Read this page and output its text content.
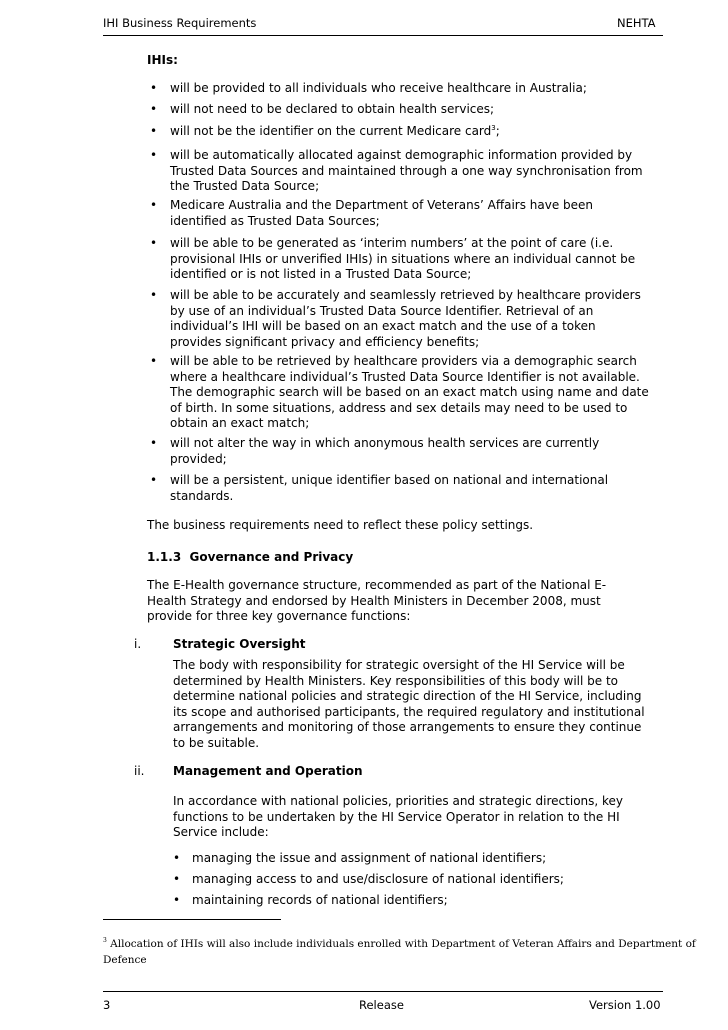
IHI Business Requirements	NEHTA
IHIs:
• will be provided to all individuals who receive healthcare in Australia;
• will not need to be declared to obtain health services;
• will not be the identifier on the current Medicare card$^3$;
• will be automatically allocated against demographic information provided by
Trusted Data Sources and maintained through a one way synchronisation from
the Trusted Data Source;
• Medicare Australia and the Department of Veterans’ Affairs have been
identified as Trusted Data Sources;
• will be able to be generated as ‘interim numbers’ at the point of care (i.e.
provisional IHIs or unverified IHIs) in situations where an individual cannot be
identified or is not listed in a Trusted Data Source;
• will be able to be accurately and seamlessly retrieved by healthcare providers
by use of an individual’s Trusted Data Source Identifier. Retrieval of an
individual’s IHI will be based on an exact match and the use of a token
provides significant privacy and efficiency benefits;
• will be able to be retrieved by healthcare providers via a demographic search
where a healthcare individual’s Trusted Data Source Identifier is not available.
The demographic search will be based on an exact match using name and date
of birth. In some situations, address and sex details may need to be used to
obtain an exact match;
• will not alter the way in which anonymous health services are currently
provided;
• will be a persistent, unique identifier based on national and international
standards.
The business requirements need to reflect these policy settings.
1.1.3 Governance and Privacy
The E-Health governance structure, recommended as part of the National E-
Health Strategy and endorsed by Health Ministers in December 2008, must
provide for three key governance functions:
i.	Strategic Oversight
The body with responsibility for strategic oversight of the HI Service will be
determined by Health Ministers. Key responsibilities of this body will be to
determine national policies and strategic direction of the HI Service, including
its scope and authorised participants, the required regulatory and institutional
arrangements and monitoring of those arrangements to ensure they continue
to be suitable.
ii. Management and Operation
In accordance with national policies, priorities and strategic directions, key
functions to be undertaken by the HI Service Operator in relation to the HI
Service include:
• managing the issue and assignment of national identifiers;
• managing access to and use/disclosure of national identifiers;
• maintaining records of national identifiers;
$^3$ Allocation of IHIs will also include individuals enrolled with Department of Veteran Affairs and Department of
Defence
3	Release	Version 1.00
